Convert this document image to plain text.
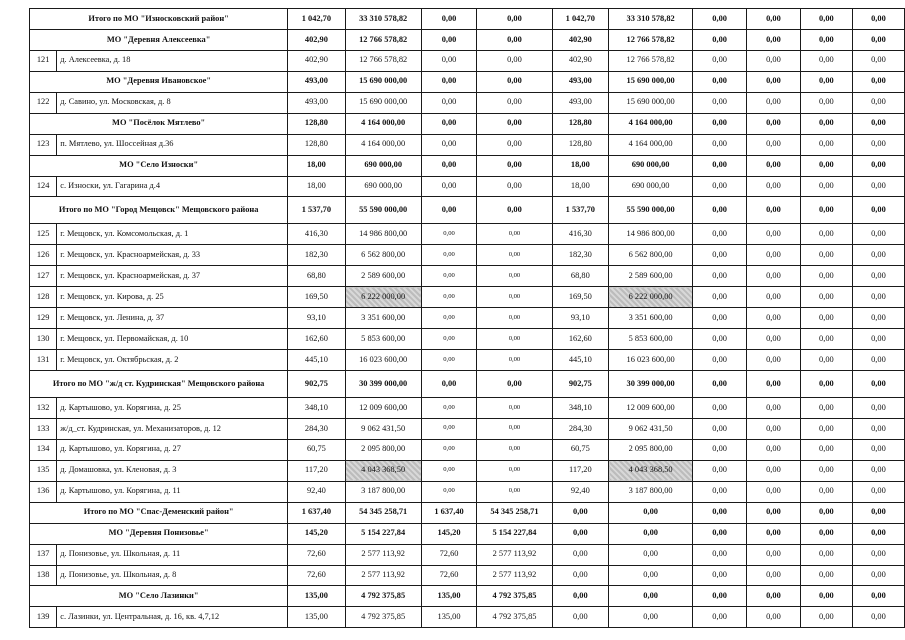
Итого по МО "Износковский район"		1 042,70	33 310 578,82	0,00	0,00	1 042,70	33 310 578,82	0,00	0,00	0,00	0,00
МО "Деревня Алексеевка"		402,90	12 766 578,82	0,00	0,00	402,90	12 766 578,82	0,00	0,00	0,00	0,00
121	д. Алексеевка, д. 18	402,90	12 766 578,82	0,00	0,00	402,90	12 766 578,82	0,00	0,00	0,00	0,00
МО "Деревня Ивановское"		493,00	15 690 000,00	0,00	0,00	493,00	15 690 000,00	0,00	0,00	0,00	0,00
122	д. Савино, ул. Московская, д. 8	493,00	15 690 000,00	0,00	0,00	493,00	15 690 000,00	0,00	0,00	0,00	0,00
МО "Посёлок Мятлево"		128,80	4 164 000,00	0,00	0,00	128,80	4 164 000,00	0,00	0,00	0,00	0,00
123	п. Мятлево, ул. Шоссейная д.36	128,80	4 164 000,00	0,00	0,00	128,80	4 164 000,00	0,00	0,00	0,00	0,00
МО "Село Износки"		18,00	690 000,00	0,00	0,00	18,00	690 000,00	0,00	0,00	0,00	0,00
124	с. Износки, ул. Гагарина д.4	18,00	690 000,00	0,00	0,00	18,00	690 000,00	0,00	0,00	0,00	0,00
Итого по МО "Город Мещовск" Мещовского района		1 537,70	55 590 000,00	0,00	0,00	1 537,70	55 590 000,00	0,00	0,00	0,00	0,00
125	г. Мещовск, ул. Комсомольская, д. 1	416,30	14 986 800,00	0,00	0,00	416,30	14 986 800,00	0,00	0,00	0,00	0,00
126	г. Мещовск, ул. Красноармейская, д. 33	182,30	6 562 800,00	0,00	0,00	182,30	6 562 800,00	0,00	0,00	0,00	0,00
127	г. Мещовск, ул. Красноармейская, д. 37	68,80	2 589 600,00	0,00	0,00	68,80	2 589 600,00	0,00	0,00	0,00	0,00
128	г. Мещовск, ул. Кирова, д. 25	169,50	6 222 000,00	0,00	0,00	169,50	6 222 000,00	0,00	0,00	0,00	0,00
129	г. Мещовск, ул. Ленина, д. 37	93,10	3 351 600,00	0,00	0,00	93,10	3 351 600,00	0,00	0,00	0,00	0,00
130	г. Мещовск, ул. Первомайская, д. 10	162,60	5 853 600,00	0,00	0,00	162,60	5 853 600,00	0,00	0,00	0,00	0,00
131	г. Мещовск, ул. Октябрьская, д. 2	445,10	16 023 600,00	0,00	0,00	445,10	16 023 600,00	0,00	0,00	0,00	0,00
Итого по МО "ж/д ст. Кудринская" Мещовского района		902,75	30 399 000,00	0,00	0,00	902,75	30 399 000,00	0,00	0,00	0,00	0,00
132	д. Картышово, ул. Корягина, д. 25	348,10	12 009 600,00	0,00	0,00	348,10	12 009 600,00	0,00	0,00	0,00	0,00
133	ж/д_ст. Кудринская, ул. Механизаторов, д. 12	284,30	9 062 431,50	0,00	0,00	284,30	9 062 431,50	0,00	0,00	0,00	0,00
134	д. Картышово, ул. Корягина, д. 27	60,75	2 095 800,00	0,00	0,00	60,75	2 095 800,00	0,00	0,00	0,00	0,00
135	д. Домашовка, ул. Кленовая, д. 3	117,20	4 043 368,50	0,00	0,00	117,20	4 043 368,50	0,00	0,00	0,00	0,00
136	д. Картышово, ул. Корягина, д. 11	92,40	3 187 800,00	0,00	0,00	92,40	3 187 800,00	0,00	0,00	0,00	0,00
Итого по МО "Спас-Деменский район"		1 637,40	54 345 258,71	1 637,40	54 345 258,71	0,00	0,00	0,00	0,00	0,00	0,00
МО "Деревня Понизовье"		145,20	5 154 227,84	145,20	5 154 227,84	0,00	0,00	0,00	0,00	0,00	0,00
137	д. Понизовье, ул. Школьная, д. 11	72,60	2 577 113,92	72,60	2 577 113,92	0,00	0,00	0,00	0,00	0,00	0,00
138	д. Понизовье, ул. Школьная, д. 8	72,60	2 577 113,92	72,60	2 577 113,92	0,00	0,00	0,00	0,00	0,00	0,00
МО "Село Лазинки"		135,00	4 792 375,85	135,00	4 792 375,85	0,00	0,00	0,00	0,00	0,00	0,00
139	с. Лазинки, ул. Центральная, д. 16, кв. 4,7,12	135,00	4 792 375,85	135,00	4 792 375,85	0,00	0,00	0,00	0,00	0,00	0,00
